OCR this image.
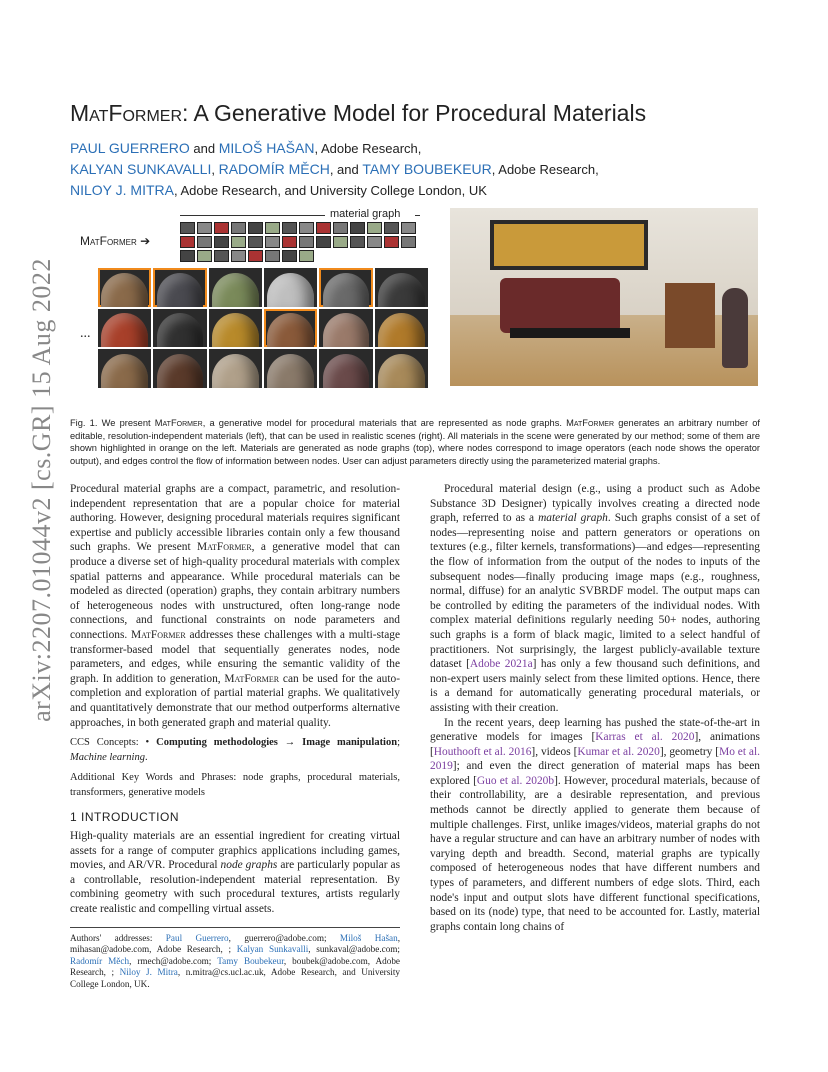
arXiv:2207.01044v2 [cs.GR] 15 Aug 2022
MatFormer: A Generative Model for Procedural Materials
PAUL GUERRERO and MILOŠ HAŠAN, Adobe Research,
KALYAN SUNKAVALLI, RADOMÍR MĚCH, and TAMY BOUBEKEUR, Adobe Research,
NILOY J. MITRA, Adobe Research, and University College London, UK
MatFormer ➔
material graph
...
Fig. 1. We present MatFormer, a generative model for procedural materials that are represented as node graphs. MatFormer generates an arbitrary number of editable, resolution-independent materials (left), that can be used in realistic scenes (right). All materials in the scene were generated by our method; some of them are shown highlighted in orange on the left. Materials are generated as node graphs (top), where nodes correspond to image operators (each node shows the operator output), and edges control the flow of information between nodes. User can adjust parameters directly using the parameterized material graphs.

Procedural material graphs are a compact, parametric, and resolution-independent representation that are a popular choice for material authoring. However, designing procedural materials requires significant expertise and publicly accessible libraries contain only a few thousand such graphs. We present MatFormer, a generative model that can produce a diverse set of high-quality procedural materials with complex spatial patterns and appearance. While procedural materials can be modeled as directed (operation) graphs, they contain arbitrary numbers of heterogeneous nodes with unstructured, often long-range node connections, and functional constraints on node parameters and connections. MatFormer addresses these challenges with a multi-stage transformer-based model that sequentially generates nodes, node parameters, and edges, while ensuring the semantic validity of the graph. In addition to generation, MatFormer can be used for the auto-completion and exploration of partial material graphs. We qualitatively and quantitatively demonstrate that our method outperforms alternative approaches, in both generated graph and material quality.

CCS Concepts: • Computing methodologies → Image manipulation; Machine learning.

Additional Key Words and Phrases: node graphs, procedural materials, transformers, generative models

1 INTRODUCTION

High-quality materials are an essential ingredient for creating virtual assets for a range of computer graphics applications including games, movies, and AR/VR. Procedural node graphs are particularly popular as a controllable, resolution-independent material representation. By combining geometry with such procedural textures, artists regularly create realistic and compelling virtual assets.

Authors' addresses: Paul Guerrero, guerrero@adobe.com; Miloš Hašan, mihasan@adobe.com, Adobe Research, ; Kalyan Sunkavalli, sunkaval@adobe.com; Radomír Měch, rmech@adobe.com; Tamy Boubekeur, boubek@adobe.com, Adobe Research, ; Niloy J. Mitra, n.mitra@cs.ucl.ac.uk, Adobe Research, and University College London, UK.

Procedural material design (e.g., using a product such as Adobe Substance 3D Designer) typically involves creating a directed node graph, referred to as a material graph. Such graphs consist of a set of nodes—representing noise and pattern generators or operations on textures (e.g., filter kernels, transformations)—and edges—representing the flow of information from the output of the nodes to inputs of the subsequent nodes—finally producing image maps (e.g., roughness, normal, diffuse) for an analytic SVBRDF model. The output maps can be controlled by editing the parameters of the individual nodes. With complex material definitions regularly needing 50+ nodes, authoring such graphs is a form of black magic, limited to a select handful of practitioners. Not surprisingly, the largest publicly-available texture dataset [Adobe 2021a] has only a few thousand such definitions, and non-expert users mainly select from these limited options. Hence, there is a demand for automatically generating procedural materials, or assisting with their creation.

In the recent years, deep learning has pushed the state-of-the-art in generative models for images [Karras et al. 2020], animations [Houthooft et al. 2016], videos [Kumar et al. 2020], geometry [Mo et al. 2019]; and even the direct generation of material maps has been explored [Guo et al. 2020b]. However, procedural materials, because of their controllability, are a desirable representation, and previous methods cannot be directly applied to generate them because of multiple challenges. First, unlike images/videos, material graphs do not have a regular structure and can have an arbitrary number of nodes with varying depth and breadth. Second, material graphs are typically composed of heterogeneous nodes that have different numbers and types of parameters, and different numbers of edge slots. Third, each node's input and output slots have different functional specifications, based on its (node) type, that need to be accounted for. Lastly, material graphs contain long chains of
